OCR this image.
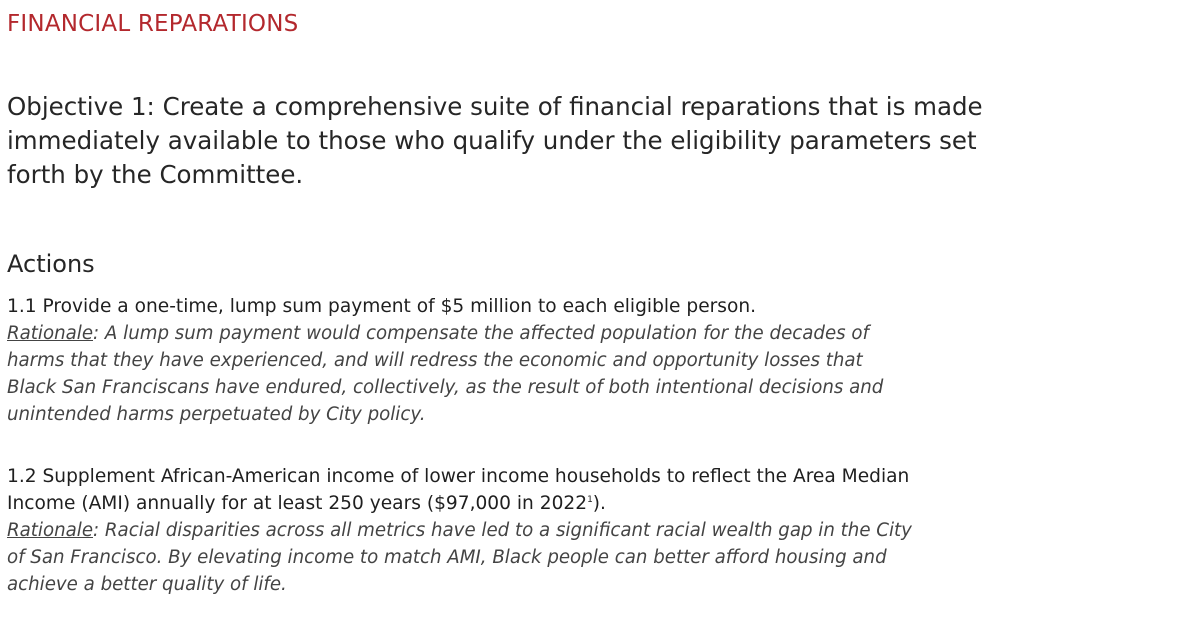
FINANCIAL REPARATIONS
Objective 1: Create a comprehensive suite of financial reparations that is made
immediately available to those who qualify under the eligibility parameters set
forth by the Committee.
Actions
1.1 Provide a one-time, lump sum payment of $5 million to each eligible person.
Rationale: A lump sum payment would compensate the affected population for the decades of
harms that they have experienced, and will redress the economic and opportunity losses that
Black San Franciscans have endured, collectively, as the result of both intentional decisions and
unintended harms perpetuated by City policy.
1.2 Supplement African-American income of lower income households to reflect the Area Median
Income (AMI) annually for at least 250 years ($97,000 in 2022$^1$).
Rationale: Racial disparities across all metrics have led to a significant racial wealth gap in the City
of San Francisco. By elevating income to match AMI, Black people can better afford housing and
achieve a better quality of life.
